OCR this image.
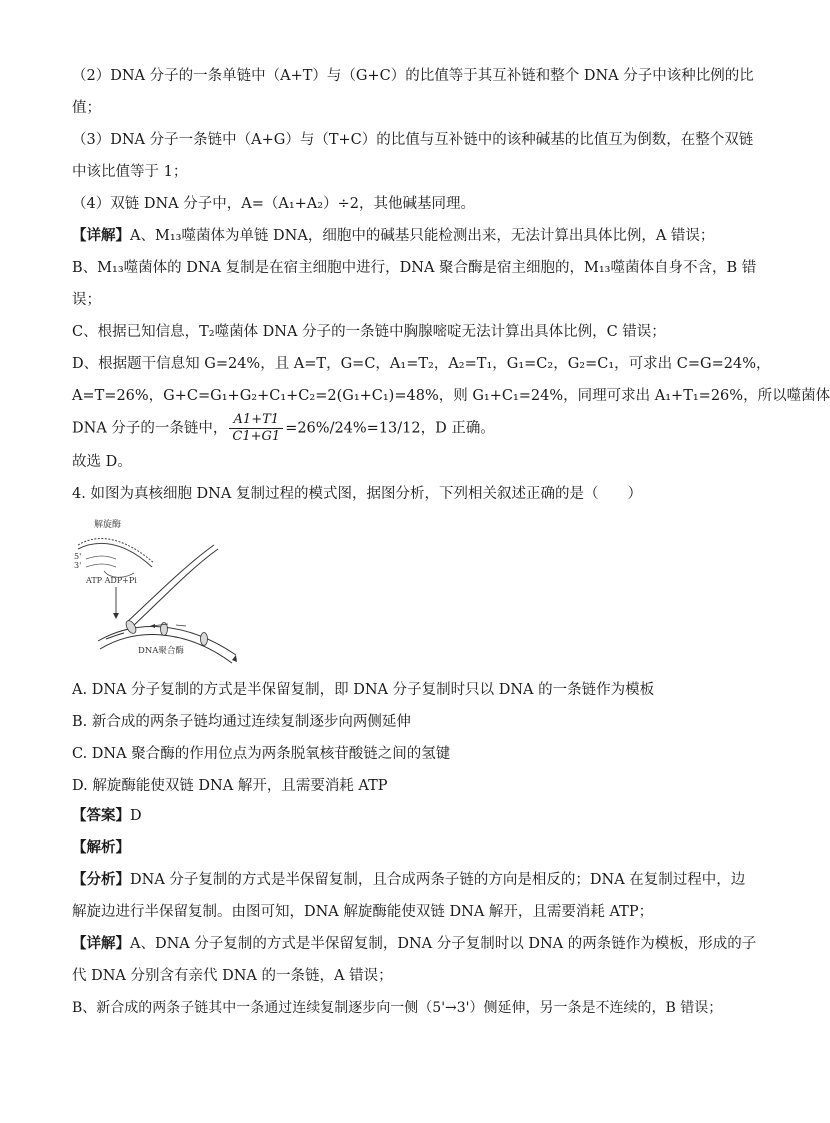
（2）DNA 分子的一条单链中（A+T）与（G+C）的比值等于其互补链和整个 DNA 分子中该种比例的比
值；
（3）DNA 分子一条链中（A+G）与（T+C）的比值与互补链中的该种碱基的比值互为倒数，在整个双链
中该比值等于 1；
（4）双链 DNA 分子中，A=（A₁+A₂）÷2，其他碱基同理。
【详解】A、M₁₃噬菌体为单链 DNA，细胞中的碱基只能检测出来，无法计算出具体比例，A 错误；
B、M₁₃噬菌体的 DNA 复制是在宿主细胞中进行，DNA 聚合酶是宿主细胞的，M₁₃噬菌体自身不含，B 错
误；
C、根据已知信息，T₂噬菌体 DNA 分子的一条链中胸腺嘧啶无法计算出具体比例，C 错误；
D、根据题干信息知 G=24%，且 A=T，G=C，A₁=T₂，A₂=T₁，G₁=C₂，G₂=C₁，可求出 C=G=24%，
A=T=26%，G+C=G₁+G₂+C₁+C₂=2(G₁+C₁)=48%，则 G₁+C₁=24%，同理可求出 A₁+T₁=26%，所以噬菌体
DNA 分子的一条链中， $\frac{A1+T1}{C1+G1} =26\%/24\%=13/12$，D 正确。
故选 D。
4. 如图为真核细胞 DNA 复制过程的模式图，据图分析，下列相关叙述正确的是（　　）
解旋酶
5'
3'
ATP ADP+Pi
DNA聚合酶
A. DNA 分子复制的方式是半保留复制，即 DNA 分子复制时只以 DNA 的一条链作为模板
B. 新合成的两条子链均通过连续复制逐步向两侧延伸
C. DNA 聚合酶的作用位点为两条脱氧核苷酸链之间的氢键
D. 解旋酶能使双链 DNA 解开，且需要消耗 ATP
【答案】D
【解析】
【分析】DNA 分子复制的方式是半保留复制，且合成两条子链的方向是相反的；DNA 在复制过程中，边
解旋边进行半保留复制。由图可知，DNA 解旋酶能使双链 DNA 解开，且需要消耗 ATP；
【详解】A、DNA 分子复制的方式是半保留复制，DNA 分子复制时以 DNA 的两条链作为模板，形成的子
代 DNA 分别含有亲代 DNA 的一条链，A 错误；
B、新合成的两条子链其中一条通过连续复制逐步向一侧（5'→3'）侧延伸，另一条是不连续的，B 错误；
